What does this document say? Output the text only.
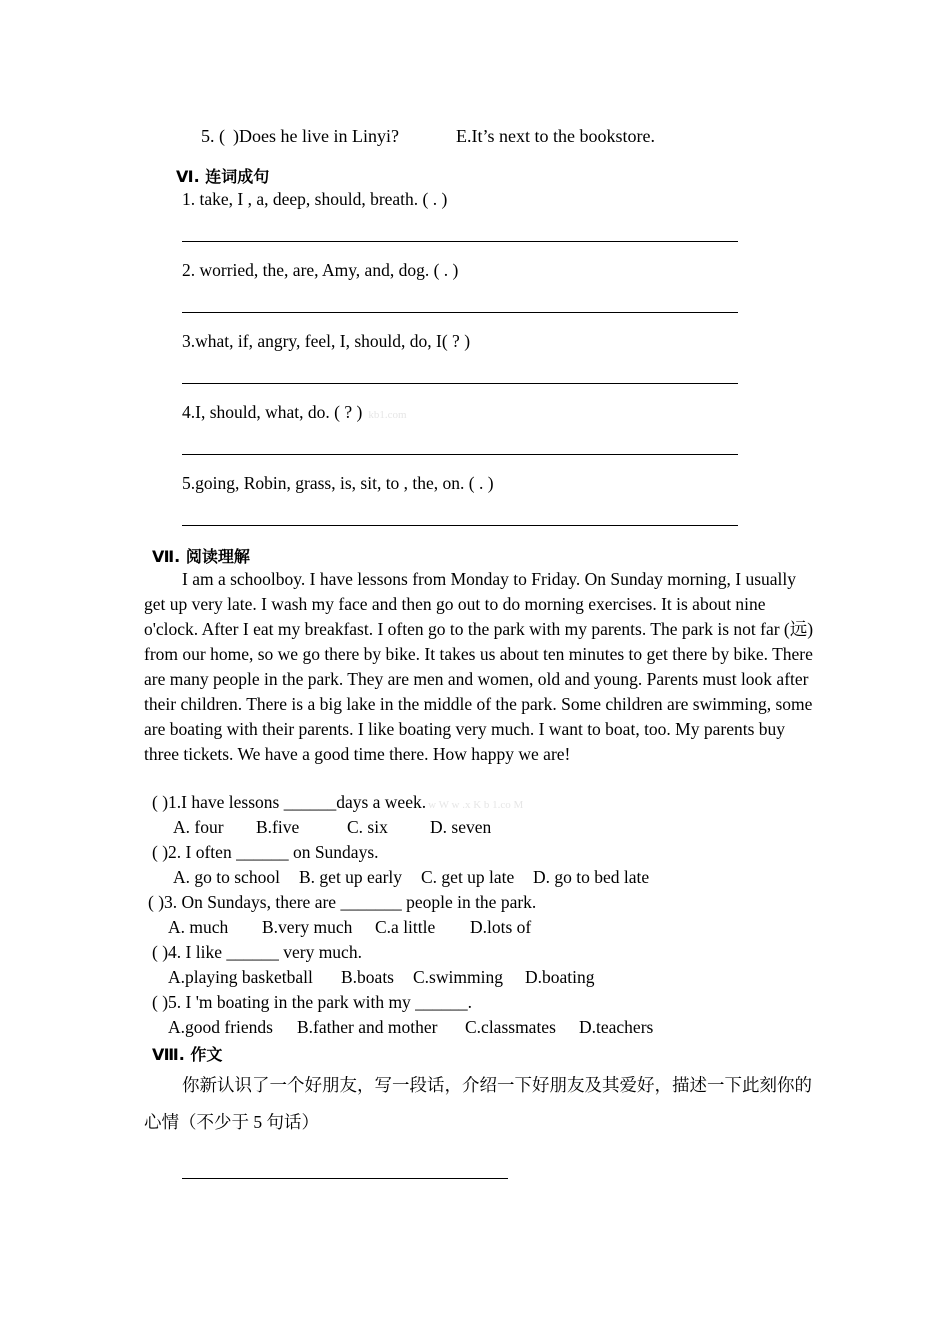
5. ( )Does he live in Linyi?	E.It’s next to the bookstore.
Ⅵ. 连词成句
1. take, I , a, deep, should, breath. ( . )
2. worried, the, are, Amy, and, dog. ( . )
3.what, if, angry, feel, I, should, do, I( ? )
4.I, should, what, do. ( ? ) kb1.com
5.going, Robin, grass, is, sit, to , the, on. ( . )
Ⅶ. 阅读理解
I am a schoolboy. I have lessons from Monday to Friday. On Sunday morning, I usually get up very late. I wash my face and then go out to do morning exercises. It is about nine o'clock. After I eat my breakfast. I often go to the park with my parents. The park is not far (远) from our home, so we go there by bike. It takes us about ten minutes to get there by bike. There are many people in the park. They are men and women, old and young. Parents must look after their children. There is a big lake in the middle of the park. Some children are swimming, some are boating with their parents. I like boating very much. I want to boat, too. My parents buy three tickets. We have a good time there. How happy we are!
( )1.I have lessons ______days a week. w W w .x K b 1.co M
A. four B.five	C. six D. seven
( )2. I often ______ on Sundays.
A. go to school B. get up early C. get up late D. go to bed late
( )3. On Sundays, there are _______ people in the park.
A. much B.very much C.a little D.lots of
( )4. I like ______ very much.
A.playing basketball B.boats C.swimming D.boating
( )5. I 'm boating in the park with my ______.
A.good friends B.father and mother C.classmates D.teachers
Ⅷ. 作文
你新认识了一个好朋友，写一段话，介绍一下好朋友及其爱好，描述一下此刻你的心情（不少于 5 句话）
